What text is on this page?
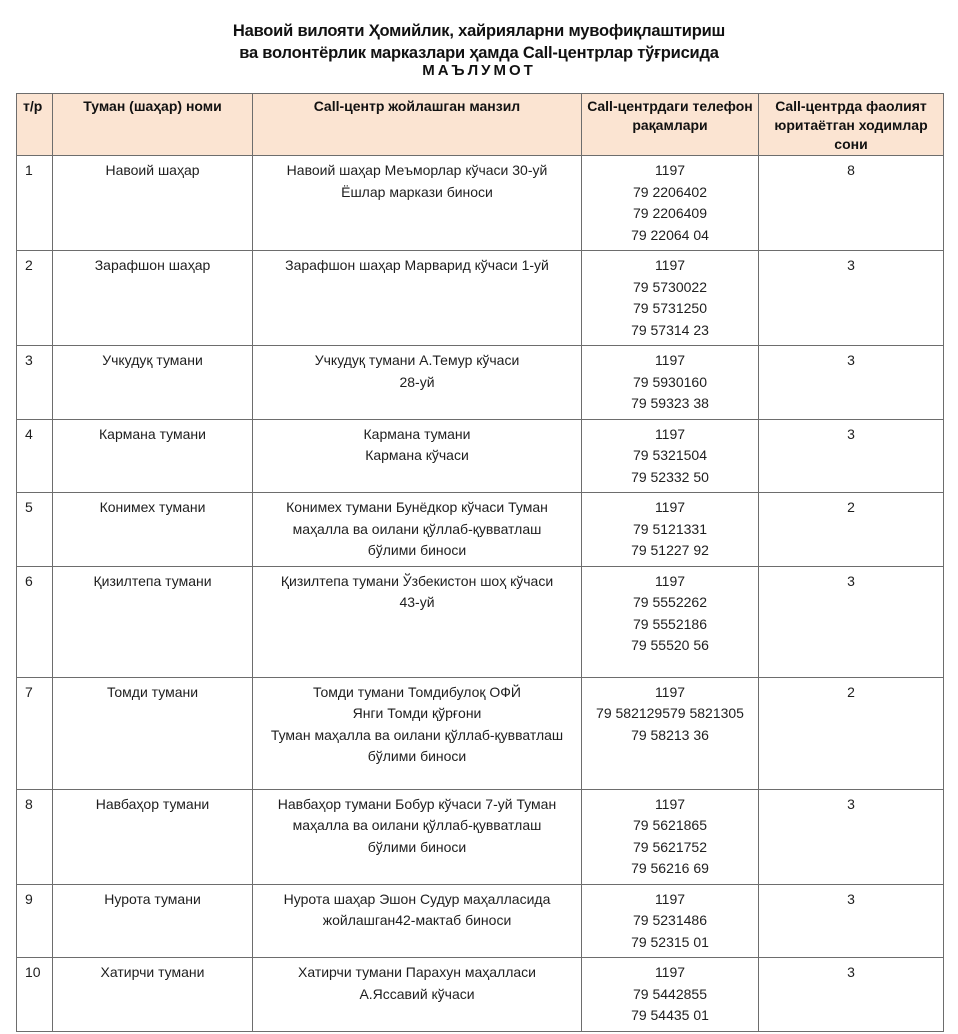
Навоий вилояти Ҳомийлик, хайрияларни мувофиқлаштириш
ва волонтёрлик марказлари ҳамда Call-центрлар тўғрисида
МАЪЛУМОТ
т/р	Туман (шаҳар) номи	Call-центр жойлашган манзил	Call-центрдаги телефон рақамлари	Call-центрда фаолият юритаётган ходимлар сони
1	Навоий шаҳар	Навоий шаҳар Меъморлар кўчаси 30-уй
Ёшлар маркази биноси	1197
79 2206402
79 2206409
79 22064 04	8
2	Зарафшон шаҳар	Зарафшон шаҳар Марварид кўчаси 1-уй	1197
79 5730022
79 5731250
79 57314 23	3
3	Учкудуқ тумани	Учкудуқ тумани А.Темур кўчаси
28-уй	1197
79 5930160
79 59323 38	3
4	Кармана тумани	Кармана тумани
Кармана кўчаси	1197
79 5321504
79 52332 50	3
5	Конимех тумани	Конимех тумани Бунёдкор кўчаси Туман
маҳалла ва оилани қўллаб-қувватлаш
бўлими биноси	1197
79 5121331
79 51227 92	2
6	Қизилтепа тумани	Қизилтепа тумани Ўзбекистон шоҳ кўчаси
43-уй	1197
79 5552262
79 5552186
79 55520 56	3
7	Томди тумани	Томди тумани Томдибулоқ ОФЙ
Янги Томди қўрғони
Туман маҳалла ва оилани қўллаб-қувватлаш
бўлими биноси	1197
79 582129579 5821305
79 58213 36	2
8	Навбаҳор тумани	Навбаҳор тумани Бобур кўчаси 7-уй Туман
маҳалла ва оилани қўллаб-қувватлаш
бўлими биноси	1197
79 5621865
79 5621752
79 56216 69	3
9	Нурота тумани	Нурота шаҳар Эшон Судур маҳалласида
жойлашган42-мактаб биноси	1197
79 5231486
79 52315 01	3
10	Хатирчи тумани	Хатирчи тумани Парахун маҳалласи
А.Яссавий кўчаси	1197
79 5442855
79 54435 01	3
